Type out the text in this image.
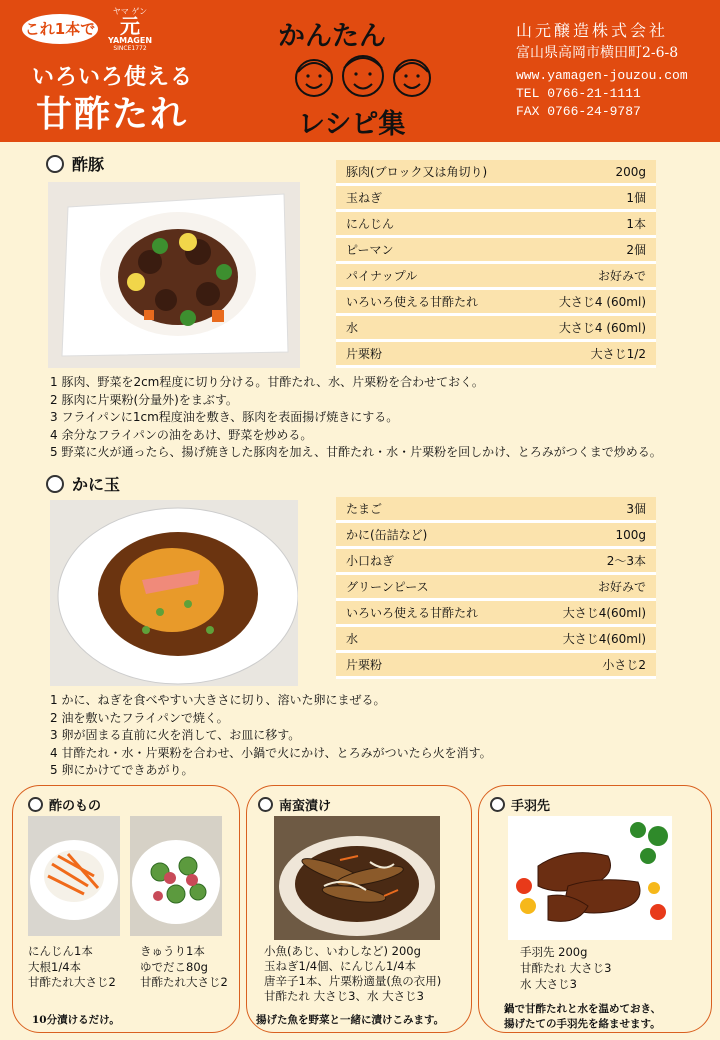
これ1本で
ヤマ ゲン
元
YAMAGEN
SINCE1772
いろいろ使える
甘酢たれ
かんたん
レシピ集
山元醸造株式会社
富山県高岡市横田町2-6-8
www.yamagen-jouzou.com
TEL 0766-21-1111
FAX 0766-24-9787
酢豚	豚肉(ブロック又は角切り)	200g
玉ねぎ	1個
にんじん	1本
ピーマン	2個
パイナップル	お好みで
いろいろ使える甘酢たれ	大さじ4 (60ml)
水	大さじ4 (60ml)
片栗粉	大さじ1/2
1 豚肉、野菜を2cm程度に切り分ける。甘酢たれ、水、片栗粉を合わせておく。
2 豚肉に片栗粉(分量外)をまぶす。
3 フライパンに1cm程度油を敷き、豚肉を表面揚げ焼きにする。
4 余分なフライパンの油をあけ、野菜を炒める。
5 野菜に火が通ったら、揚げ焼きした豚肉を加え、甘酢たれ・水・片栗粉を回しかけ、とろみがつくまで炒める。
かに玉
たまご	3個
かに(缶詰など)	100g
小口ねぎ	2～3本
グリーンピース	お好みで
いろいろ使える甘酢たれ	大さじ4(60ml)
水	大さじ4(60ml)
片栗粉	小さじ2
1 かに、ねぎを食べやすい大きさに切り、溶いた卵にまぜる。
2 油を敷いたフライパンで焼く。
3 卵が固まる直前に火を消して、お皿に移す。
4 甘酢たれ・水・片栗粉を合わせ、小鍋で火にかけ、とろみがついたら火を消す。
5 卵にかけてできあがり。
酢のもの
にんじん1本
大根1/4本
甘酢たれ大さじ2
きゅうり1本
ゆでだこ80g
甘酢たれ大さじ2
10分漬けるだけ。
南蛮漬け
小魚(あじ、いわしなど) 200g
玉ねぎ1/4個、にんじん1/4本
唐辛子1本、片栗粉適量(魚の衣用)
甘酢たれ 大さじ3、水 大さじ3
揚げた魚を野菜と一緒に漬けこみます。
手羽先
手羽先 200g
甘酢たれ 大さじ3
水 大さじ3
鍋で甘酢たれと水を温めておき、
揚げたての手羽先を絡ませます。
